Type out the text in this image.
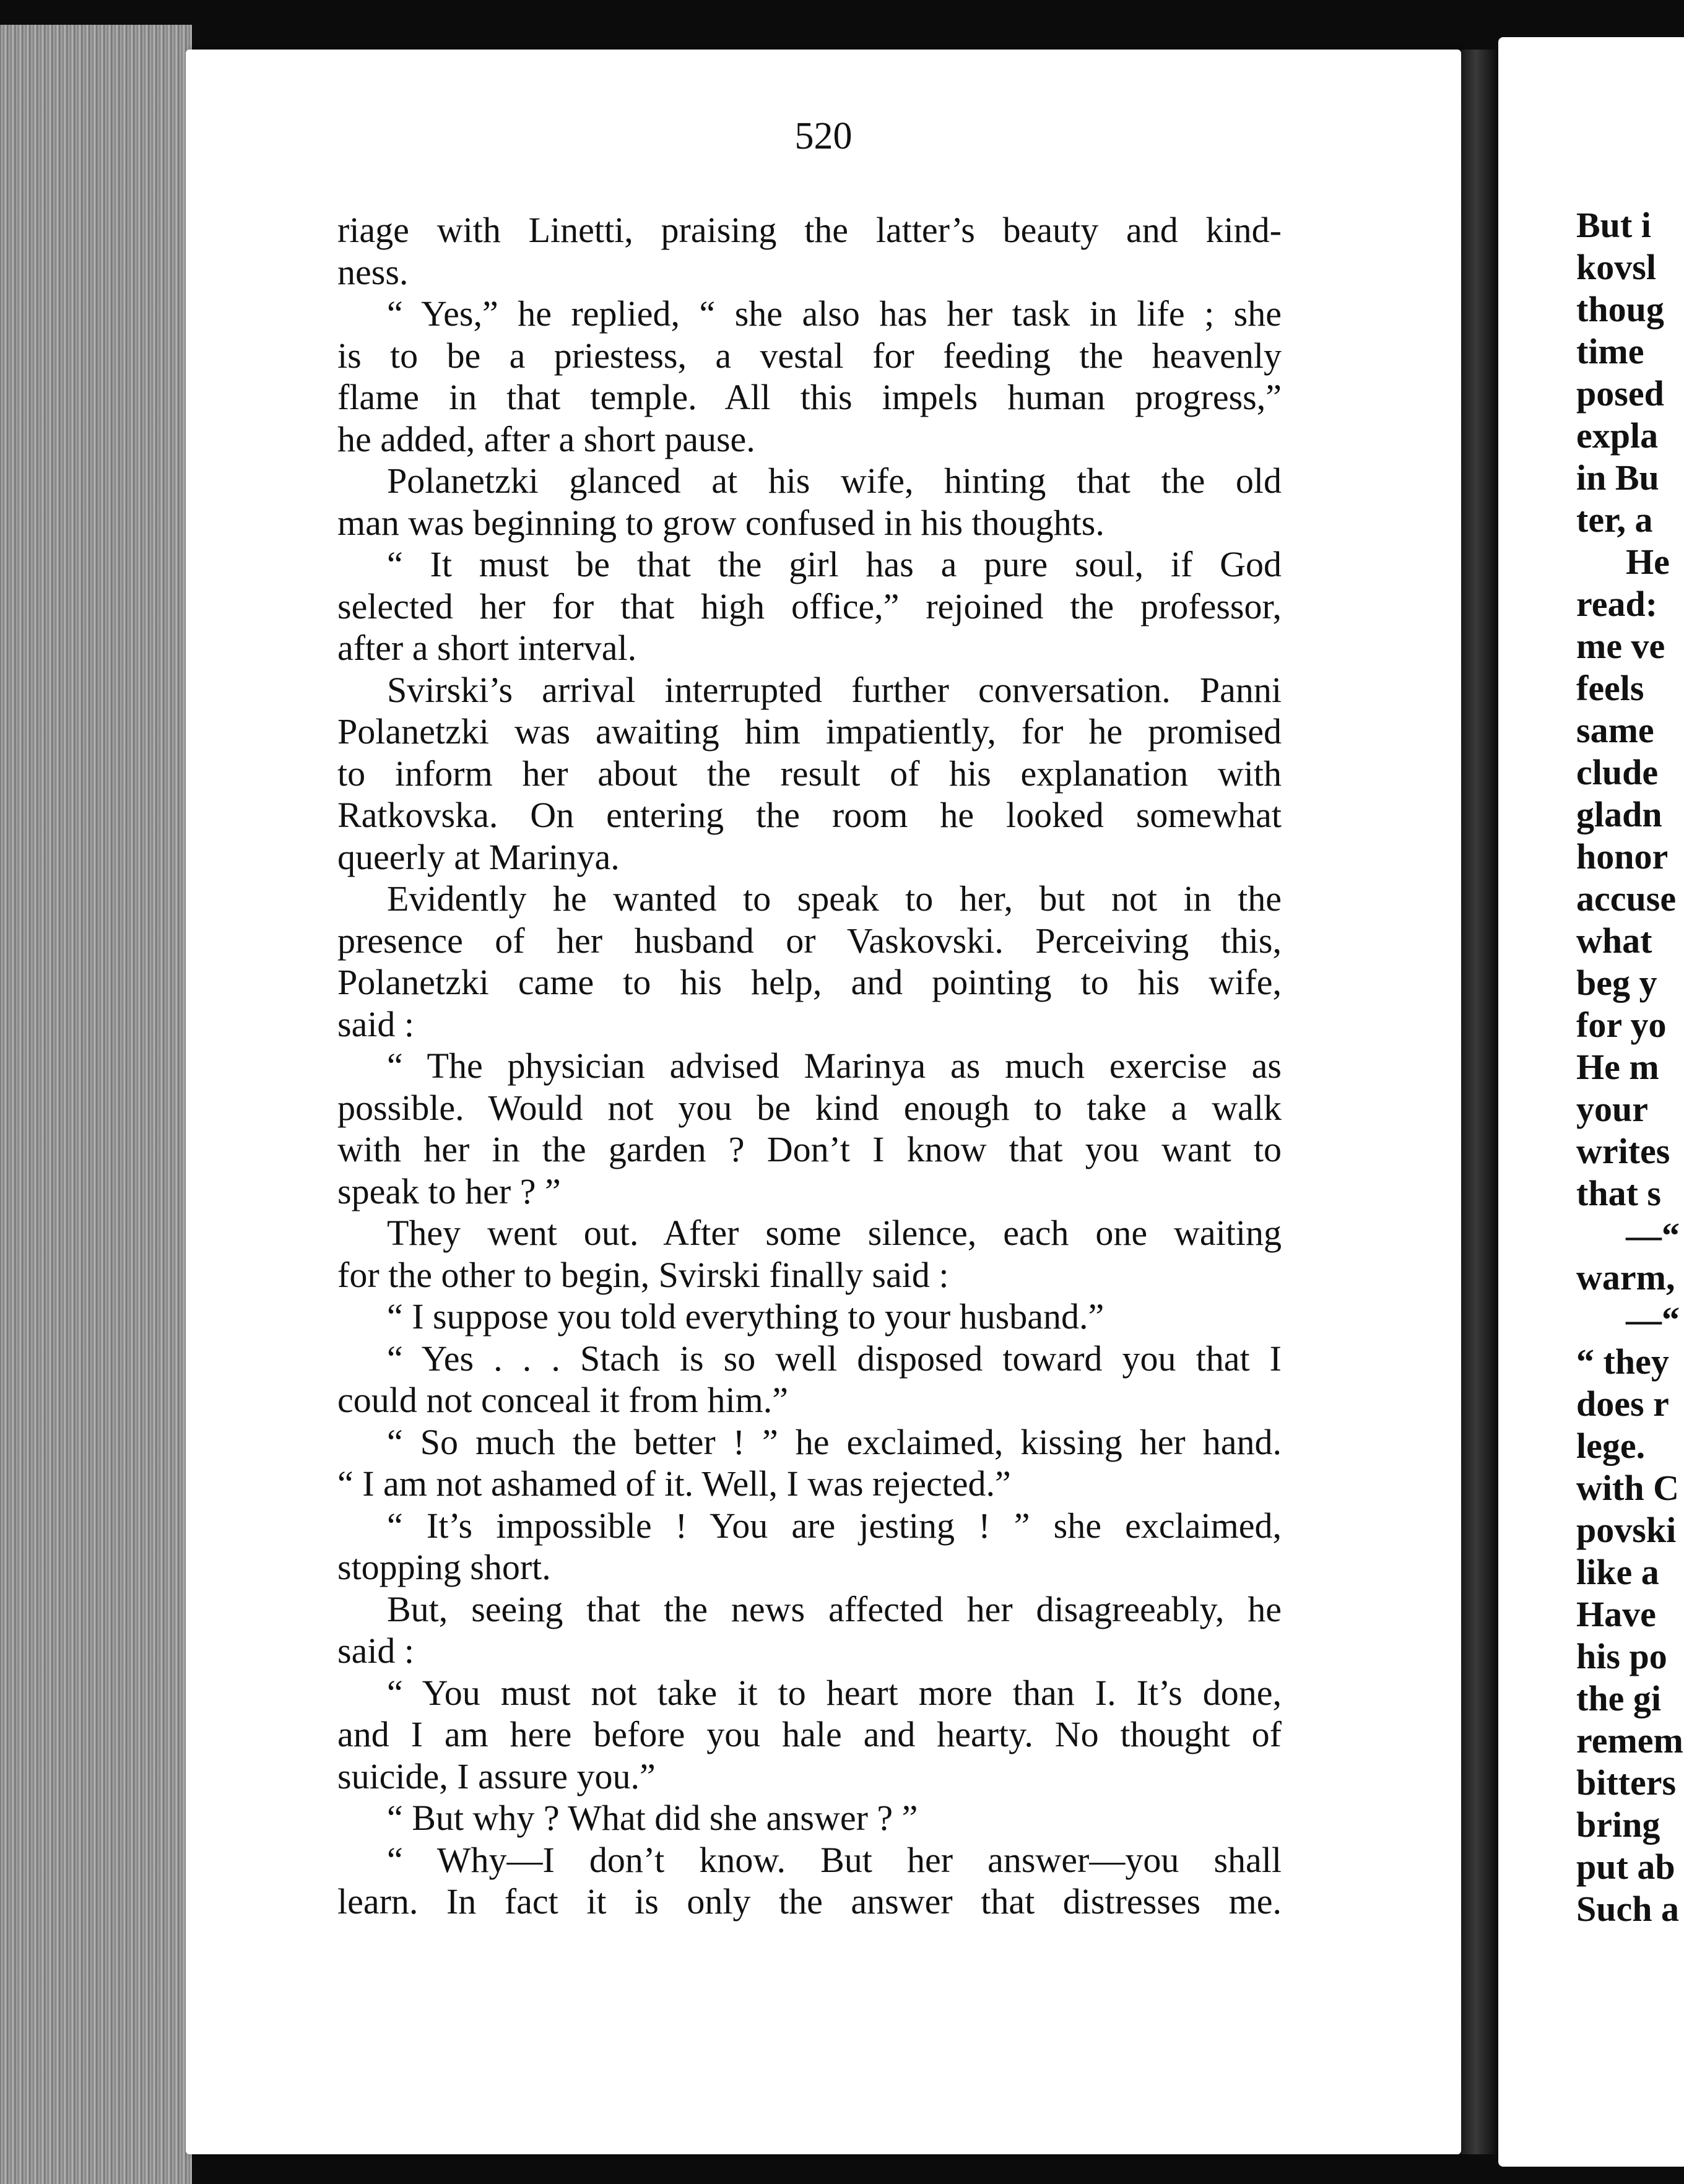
520
riage with Linetti, praising the latter’s beauty and kind-
ness.
“ Yes,” he replied, “ she also has her task in life ; she
is to be a priestess, a vestal for feeding the heavenly
flame in that temple. All this impels human progress,”
he added, after a short pause.
Polanetzki glanced at his wife, hinting that the old
man was beginning to grow confused in his thoughts.
“ It must be that the girl has a pure soul, if God
selected her for that high office,” rejoined the professor,
after a short interval.
Svirski’s arrival interrupted further conversation. Panni
Polanetzki was awaiting him impatiently, for he promised
to inform her about the result of his explanation with
Ratkovska. On entering the room he looked somewhat
queerly at Marinya.
Evidently he wanted to speak to her, but not in the
presence of her husband or Vaskovski. Perceiving this,
Polanetzki came to his help, and pointing to his wife,
said :
“ The physician advised Marinya as much exercise as
possible. Would not you be kind enough to take a walk
with her in the garden ? Don’t I know that you want to
speak to her ? ”
They went out. After some silence, each one waiting
for the other to begin, Svirski finally said :
“ I suppose you told everything to your husband.”
“ Yes . . . Stach is so well disposed toward you that I
could not conceal it from him.”
“ So much the better ! ” he exclaimed, kissing her hand.
“ I am not ashamed of it. Well, I was rejected.”
“ It’s impossible ! You are jesting ! ” she exclaimed,
stopping short.
But, seeing that the news affected her disagreeably, he
said :
“ You must not take it to heart more than I. It’s done,
and I am here before you hale and hearty. No thought of
suicide, I assure you.”
“ But why ? What did she answer ? ”
“ Why—I don’t know. But her answer—you shall
learn. In fact it is only the answer that distresses me.
But i
kovsl
thoug
time
posed
expla
in Bu
ter, a
He
read:
me ve
feels
same
clude
gladn
honor
accuse
what
beg y
for yo
He m
your
writes
that s
—“
warm,
—“
“ they
does r
lege.
with C
povski
like a
Have
his po
the gi
remem
bitters
bring
put ab
Such a
